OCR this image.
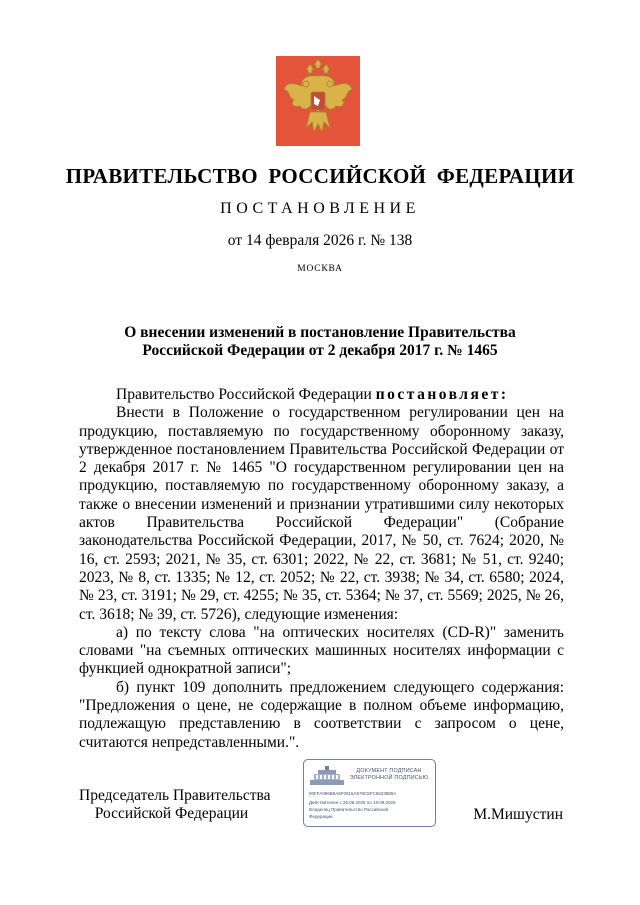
ПРАВИТЕЛЬСТВО РОССИЙСКОЙ ФЕДЕРАЦИИ
ПОСТАНОВЛЕНИЕ
от 14 февраля 2026 г. № 138
МОСКВА
О внесении изменений в постановление Правительства
Российской Федерации от 2 декабря 2017 г. № 1465

Правительство Российской Федерации постановляет:

Внести в Положение о государственном регулировании цен на продукцию, поставляемую по государственному оборонному заказу, утвержденное постановлением Правительства Российской Федерации от 2 декабря 2017 г. № 1465 "О государственном регулировании цен на продукцию, поставляемую по государственному оборонному заказу, а также о внесении изменений и признании утратившими силу некоторых актов Правительства Российской Федерации" (Собрание законодательства Российской Федерации, 2017, № 50, ст. 7624; 2020, № 16, ст. 2593; 2021, № 35, ст. 6301; 2022, № 22, ст. 3681; № 51, ст. 9240; 2023, № 8, ст. 1335; № 12, ст. 2052; № 22, ст. 3938; № 34, ст. 6580; 2024, № 23, ст. 3191; № 29, ст. 4255; № 35, ст. 5364; № 37, ст. 5569; 2025, № 26, ст. 3618; № 39, ст. 5726), следующие изменения:

а) по тексту слова "на оптических носителях (CD-R)" заменить словами "на съемных оптических машинных носителях информации с функцией однократной записи";

б) пункт 109 дополнить предложением следующего содержания: "Предложения о цене, не содержащие в полном объеме информацию, подлежащую представлению в соответствии с запросом о цене, считаются непредставленными.".

Председатель Правительства
Российской Федерации
ДОКУМЕНТ ПОДПИСАН
ЭЛЕКТРОННОЙ ПОДПИСЬЮ
00FFA096B5A6F0915A579C5FC5623885A
Действителен с 26.06.2025 по 19.09.2026
Владелец Правительство Российской
Федерации	М.Мишустин
